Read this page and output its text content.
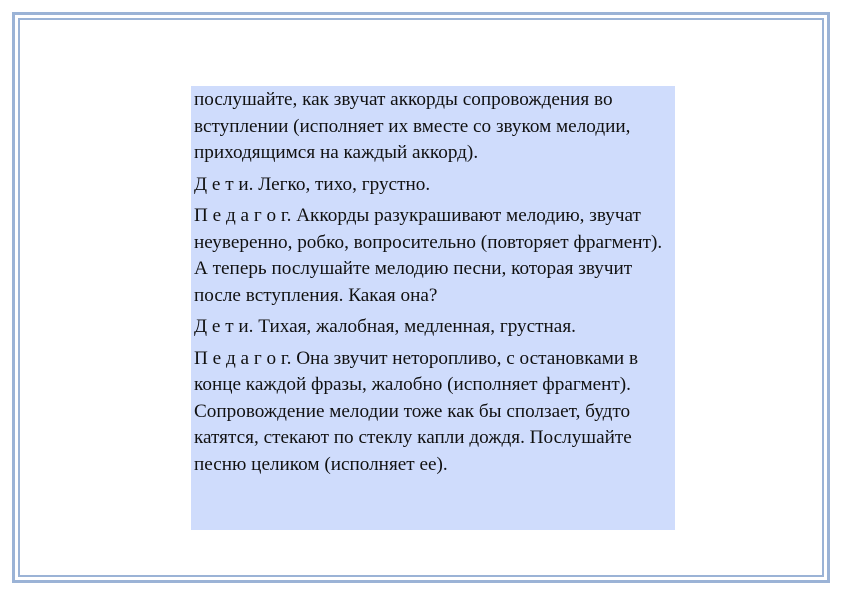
послушайте, как звучат аккорды сопровождения во вступлении (исполняет их вместе со звуком мелодии, приходящимся на каждый аккорд).

Д е т и. Легко, тихо, грустно.

П е д а г о г. Аккорды разукрашивают мелодию, звучат неуверенно, робко, вопросительно (повторяет фрагмент). А теперь послушайте мелодию песни, которая звучит после вступления. Какая она?

Д е т и. Тихая, жалобная, медленная, грустная.

П е д а г о г. Она звучит неторопливо, с остановками в конце каждой фразы, жалобно (исполняет фрагмент). Сопровождение мелодии тоже как бы сползает, будто катятся, стекают по стеклу капли дождя. Послушайте песню целиком (исполняет ее).
